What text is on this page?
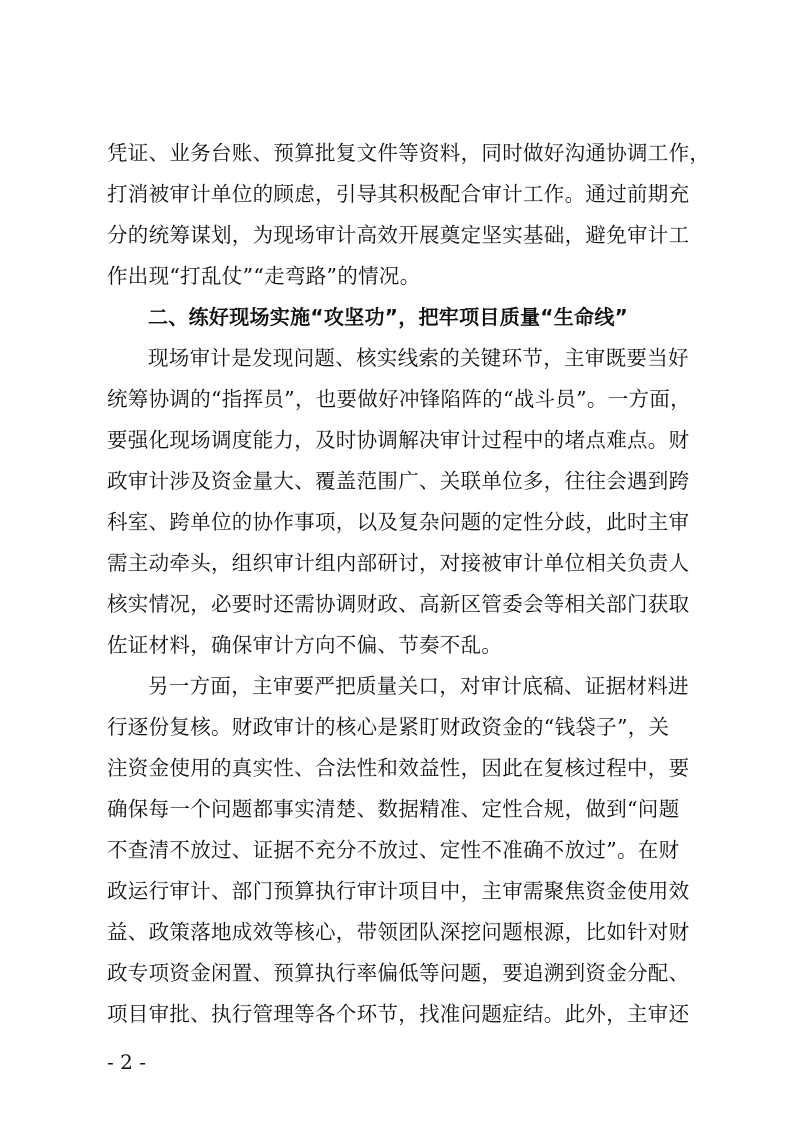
凭证、业务台账、预算批复文件等资料，同时做好沟通协调工作，
打消被审计单位的顾虑，引导其积极配合审计工作。通过前期充
分的统筹谋划，为现场审计高效开展奠定坚实基础，避免审计工
作出现“打乱仗”“走弯路”的情况。
二、练好现场实施“攻坚功”，把牢项目质量“生命线”
现场审计是发现问题、核实线索的关键环节，主审既要当好
统筹协调的“指挥员”，也要做好冲锋陷阵的“战斗员”。一方面，
要强化现场调度能力，及时协调解决审计过程中的堵点难点。财
政审计涉及资金量大、覆盖范围广、关联单位多，往往会遇到跨
科室、跨单位的协作事项，以及复杂问题的定性分歧，此时主审
需主动牵头，组织审计组内部研讨，对接被审计单位相关负责人
核实情况，必要时还需协调财政、高新区管委会等相关部门获取
佐证材料，确保审计方向不偏、节奏不乱。
另一方面，主审要严把质量关口，对审计底稿、证据材料进
行逐份复核。财政审计的核心是紧盯财政资金的“钱袋子”，关
注资金使用的真实性、合法性和效益性，因此在复核过程中，要
确保每一个问题都事实清楚、数据精准、定性合规，做到“问题
不查清不放过、证据不充分不放过、定性不准确不放过”。在财
政运行审计、部门预算执行审计项目中，主审需聚焦资金使用效
益、政策落地成效等核心，带领团队深挖问题根源，比如针对财
政专项资金闲置、预算执行率偏低等问题，要追溯到资金分配、
项目审批、执行管理等各个环节，找准问题症结。此外，主审还
- 2 -
